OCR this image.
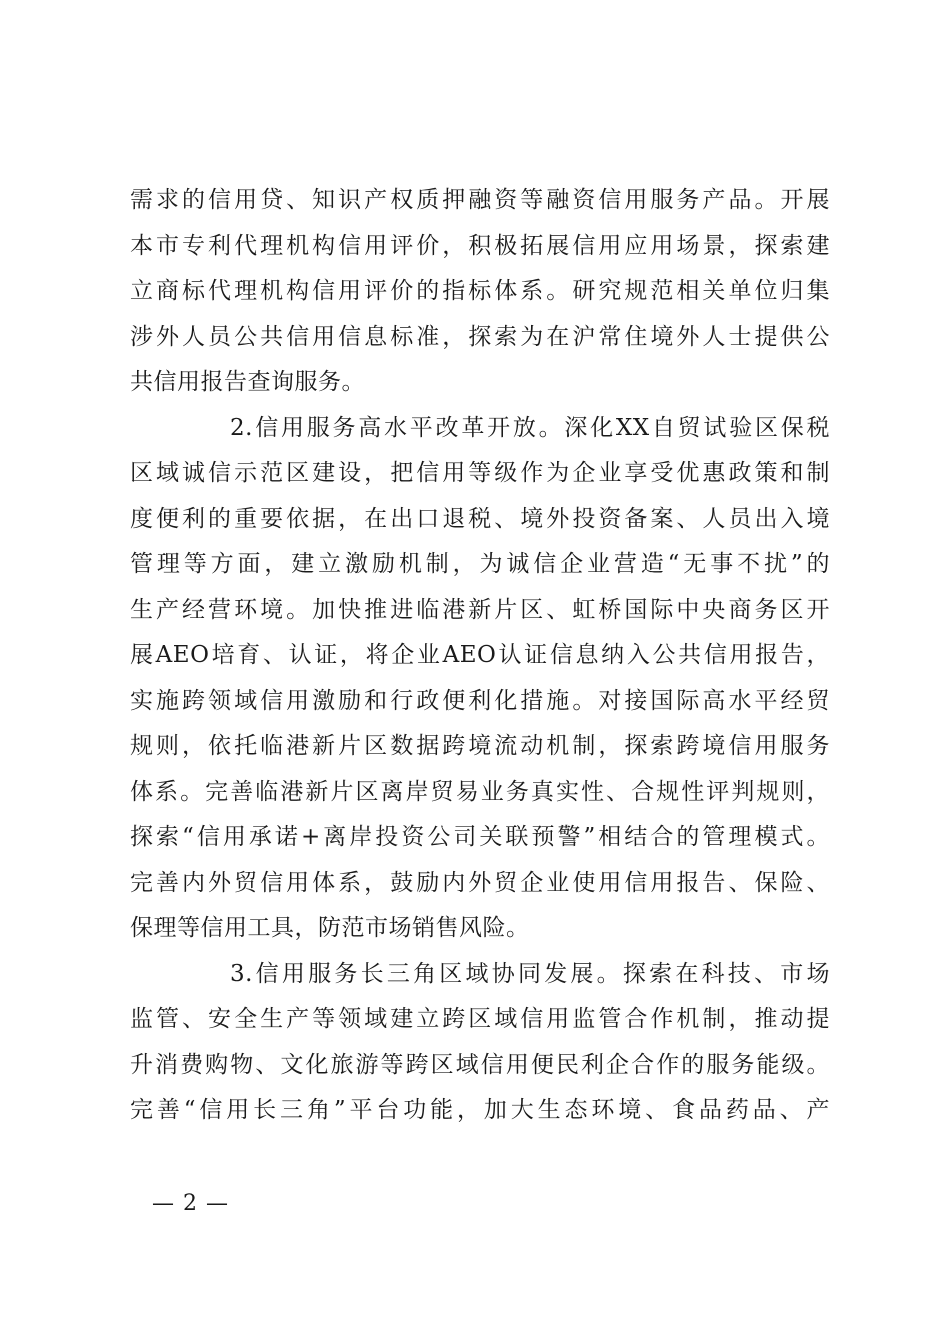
需求的信用贷、知识产权质押融资等融资信用服务产品。开展
本市专利代理机构信用评价，积极拓展信用应用场景，探索建
立商标代理机构信用评价的指标体系。研究规范相关单位归集
涉外人员公共信用信息标准，探索为在沪常住境外人士提供公
共信用报告查询服务。
2.信用服务高水平改革开放。深化XX自贸试验区保税
区域诚信示范区建设，把信用等级作为企业享受优惠政策和制
度便利的重要依据，在出口退税、境外投资备案、人员出入境
管理等方面，建立激励机制，为诚信企业营造“无事不扰”的
生产经营环境。加快推进临港新片区、虹桥国际中央商务区开
展AEO培育、认证，将企业AEO认证信息纳入公共信用报告，
实施跨领域信用激励和行政便利化措施。对接国际高水平经贸
规则，依托临港新片区数据跨境流动机制，探索跨境信用服务
体系。完善临港新片区离岸贸易业务真实性、合规性评判规则，
探索“信用承诺+离岸投资公司关联预警”相结合的管理模式。
完善内外贸信用体系，鼓励内外贸企业使用信用报告、保险、
保理等信用工具，防范市场销售风险。
3.信用服务长三角区域协同发展。探索在科技、市场
监管、安全生产等领域建立跨区域信用监管合作机制，推动提
升消费购物、文化旅游等跨区域信用便民利企合作的服务能级。
完善“信用长三角”平台功能，加大生态环境、食品药品、产
— 2 —
